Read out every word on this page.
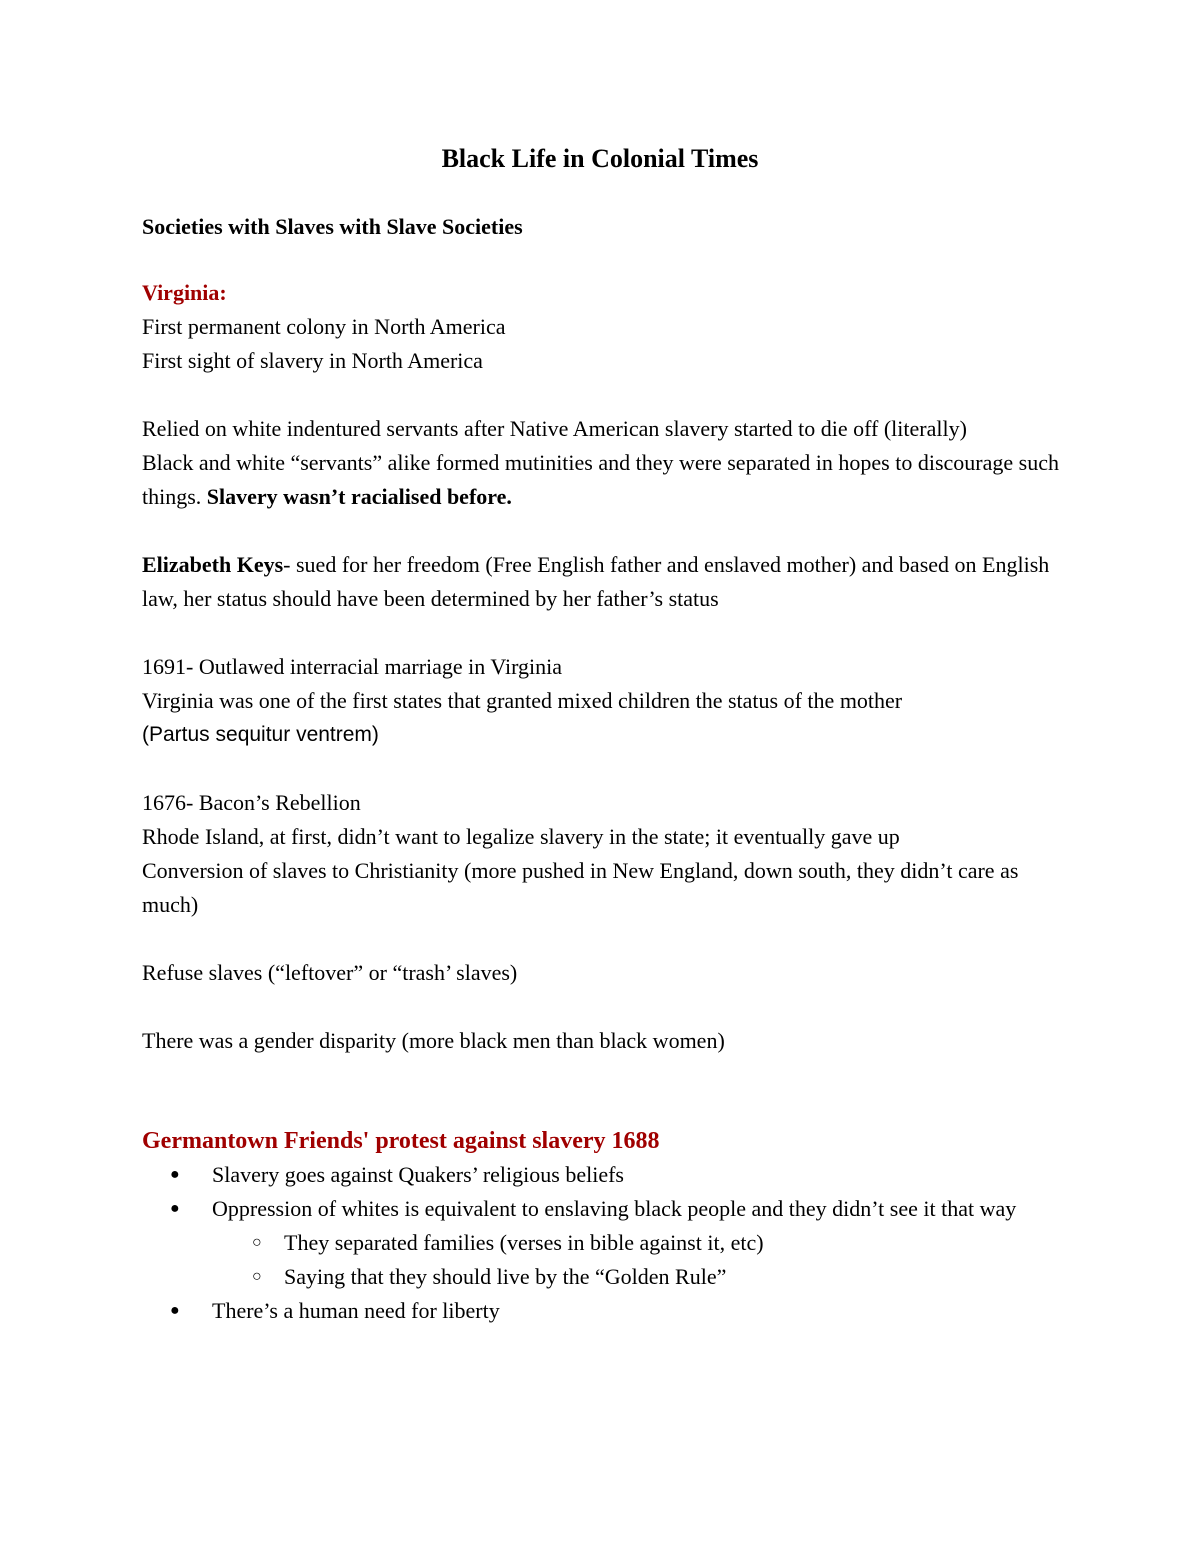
Black Life in Colonial Times

Societies with Slaves with Slave Societies

Virginia:

First permanent colony in North America

First sight of slavery in North America

Relied on white indentured servants after Native American slavery started to die off (literally)

Black and white “servants” alike formed mutinities and they were separated in hopes to discourage such things. Slavery wasn’t racialised before.

Elizabeth Keys- sued for her freedom (Free English father and enslaved mother) and based on English law, her status should have been determined by her father’s status

1691- Outlawed interracial marriage in Virginia

Virginia was one of the first states that granted mixed children the status of the mother

(Partus sequitur ventrem)

1676- Bacon’s Rebellion

Rhode Island, at first, didn’t want to legalize slavery in the state; it eventually gave up

Conversion of slaves to Christianity (more pushed in New England, down south, they didn’t care as much)

Refuse slaves (“leftover” or “trash’ slaves)

There was a gender disparity (more black men than black women)

Germantown Friends' protest against slavery 1688

● Slavery goes against Quakers’ religious beliefs
● Oppression of whites is equivalent to enslaving black people and they didn’t see it that way
○ They separated families (verses in bible against it, etc)
○ Saying that they should live by the “Golden Rule”
● There’s a human need for liberty
